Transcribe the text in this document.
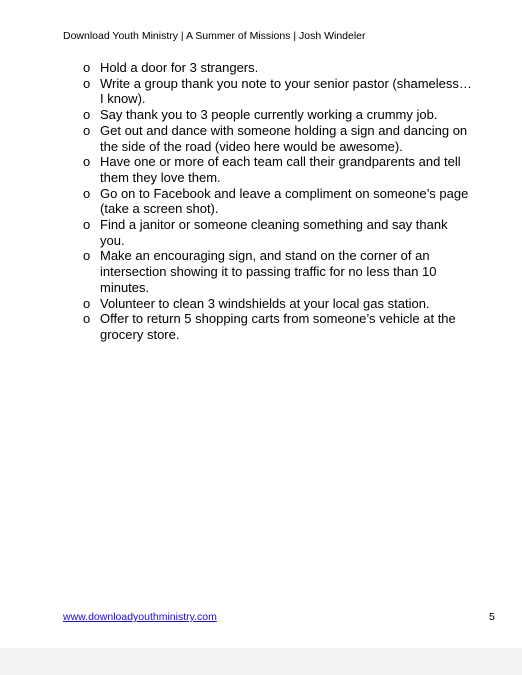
Download Youth Ministry | A Summer of Missions | Josh Windeler
o Hold a door for 3 strangers.
o Write a group thank you note to your senior pastor (shameless…I know).
o Say thank you to 3 people currently working a crummy job.
o Get out and dance with someone holding a sign and dancing on the side of the road (video here would be awesome).
o Have one or more of each team call their grandparents and tell them they love them.
o Go on to Facebook and leave a compliment on someone’s page (take a screen shot).
o Find a janitor or someone cleaning something and say thank you.
o Make an encouraging sign, and stand on the corner of an intersection showing it to passing traffic for no less than 10 minutes.
o Volunteer to clean 3 windshields at your local gas station.
o Offer to return 5 shopping carts from someone’s vehicle at the grocery store.
www.downloadyouthministry.com	5
